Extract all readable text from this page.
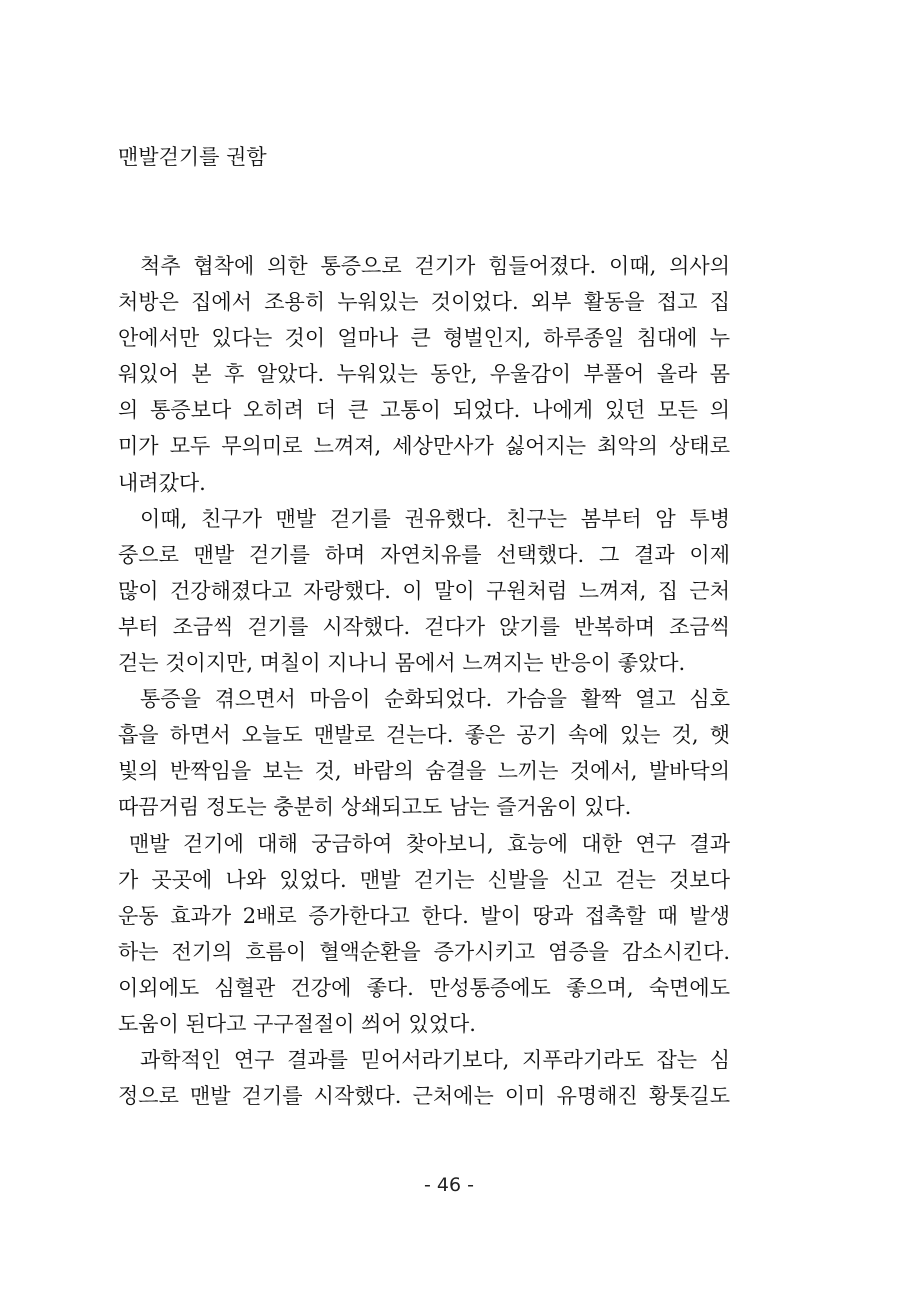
맨발걷기를 권함
척추 협착에 의한 통증으로 걷기가 힘들어졌다. 이때, 의사의
처방은 집에서 조용히 누워있는 것이었다. 외부 활동을 접고 집
안에서만 있다는 것이 얼마나 큰 형벌인지, 하루종일 침대에 누
워있어 본 후 알았다. 누워있는 동안, 우울감이 부풀어 올라 몸
의 통증보다 오히려 더 큰 고통이 되었다. 나에게 있던 모든 의
미가 모두 무의미로 느껴져, 세상만사가 싫어지는 최악의 상태로
내려갔다.
이때, 친구가 맨발 걷기를 권유했다. 친구는 봄부터 암 투병
중으로 맨발 걷기를 하며 자연치유를 선택했다. 그 결과 이제
많이 건강해졌다고 자랑했다. 이 말이 구원처럼 느껴져, 집 근처
부터 조금씩 걷기를 시작했다. 걷다가 앉기를 반복하며 조금씩
걷는 것이지만, 며칠이 지나니 몸에서 느껴지는 반응이 좋았다.
통증을 겪으면서 마음이 순화되었다. 가슴을 활짝 열고 심호
흡을 하면서 오늘도 맨발로 걷는다. 좋은 공기 속에 있는 것, 햇
빛의 반짝임을 보는 것, 바람의 숨결을 느끼는 것에서, 발바닥의
따끔거림 정도는 충분히 상쇄되고도 남는 즐거움이 있다.
맨발 걷기에 대해 궁금하여 찾아보니, 효능에 대한 연구 결과
가 곳곳에 나와 있었다. 맨발 걷기는 신발을 신고 걷는 것보다
운동 효과가 2배로 증가한다고 한다. 발이 땅과 접촉할 때 발생
하는 전기의 흐름이 혈액순환을 증가시키고 염증을 감소시킨다.
이외에도 심혈관 건강에 좋다. 만성통증에도 좋으며, 숙면에도
도움이 된다고 구구절절이 씌어 있었다.
과학적인 연구 결과를 믿어서라기보다, 지푸라기라도 잡는 심
정으로 맨발 걷기를 시작했다. 근처에는 이미 유명해진 황톳길도
- 46 -
